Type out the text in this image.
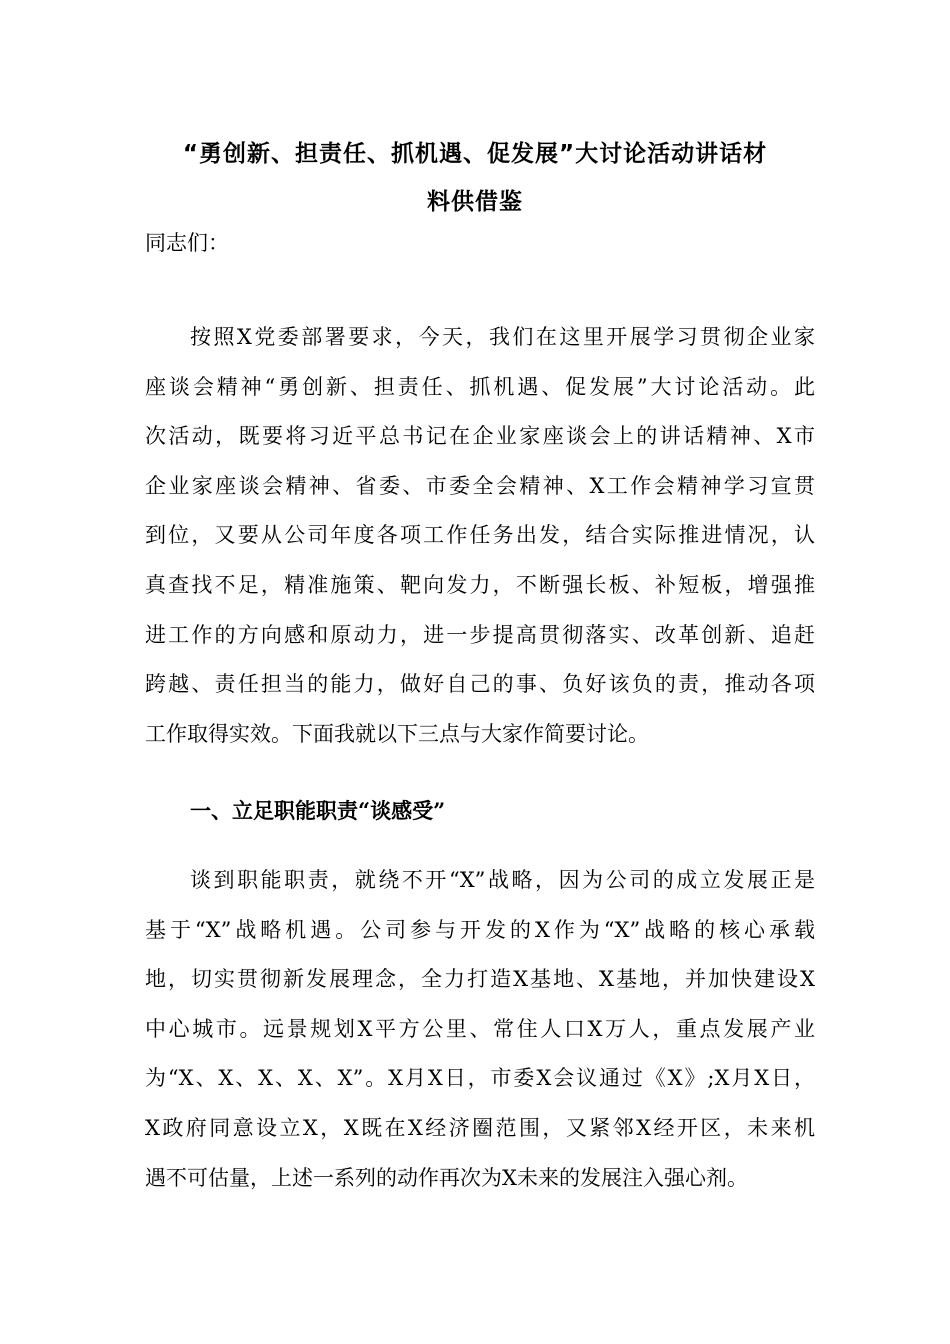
“勇创新、担责任、抓机遇、促发展”大讨论活动讲话材
料供借鉴

同志们：

按照X党委部署要求，今天，我们在这里开展学习贯彻企业家
座谈会精神“勇创新、担责任、抓机遇、促发展”大讨论活动。此
次活动，既要将习近平总书记在企业家座谈会上的讲话精神、X市
企业家座谈会精神、省委、市委全会精神、X工作会精神学习宣贯
到位，又要从公司年度各项工作任务出发，结合实际推进情况，认
真查找不足，精准施策、靶向发力，不断强长板、补短板，增强推
进工作的方向感和原动力，进一步提高贯彻落实、改革创新、追赶
跨越、责任担当的能力，做好自己的事、负好该负的责，推动各项
工作取得实效。下面我就以下三点与大家作简要讨论。
一、立足职能职责“谈感受”
谈到职能职责，就绕不开“X”战略，因为公司的成立发展正是
基于“X”战略机遇。公司参与开发的X作为“X”战略的核心承载
地，切实贯彻新发展理念，全力打造X基地、X基地，并加快建设X
中心城市。远景规划X平方公里、常住人口X万人，重点发展产业
为“X、X、X、X、X”。X月X日，市委X会议通过《X》;X月X日，
X政府同意设立X，X既在X经济圈范围，又紧邻X经开区，未来机
遇不可估量，上述一系列的动作再次为X未来的发展注入强心剂。
